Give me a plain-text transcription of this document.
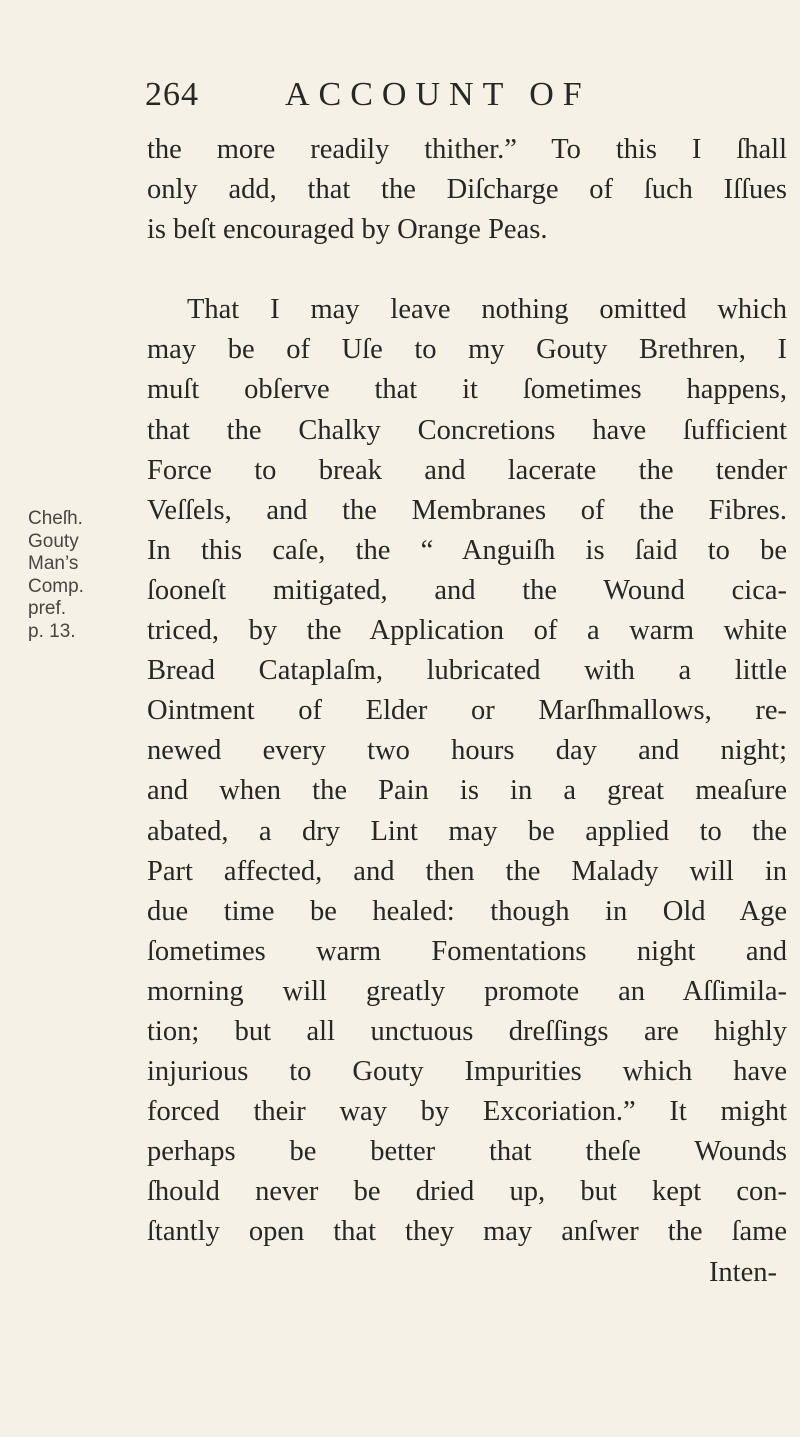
264	ACCOUNT OF
Cheſh.
Gouty
Man’s
Comp.
pref.
p. 13.
the more readily thither.” To this I ſhall
only add, that the Diſcharge of ſuch Iſſues
is beſt encouraged by Orange Peas.
That I may leave nothing omitted which
may be of Uſe to my Gouty Brethren, I
muſt obſerve that it ſometimes happens,
that the Chalky Concretions have ſufficient
Force to break and lacerate the tender
Veſſels, and the Membranes of the Fibres.
In this caſe, the “ Anguiſh is ſaid to be
ſooneſt mitigated, and the Wound cica-
triced, by the Application of a warm white
Bread Cataplaſm, lubricated with a little
Ointment of Elder or Marſhmallows, re-
newed every two hours day and night;
and when the Pain is in a great meaſure
abated, a dry Lint may be applied to the
Part affected, and then the Malady will in
due time be healed: though in Old Age
ſometimes warm Fomentations night and
morning will greatly promote an Aſſimila-
tion; but all unctuous dreſſings are highly
injurious to Gouty Impurities which have
forced their way by Excoriation.” It might
perhaps be better that theſe Wounds
ſhould never be dried up, but kept con-
ſtantly open that they may anſwer the ſame
Inten-
